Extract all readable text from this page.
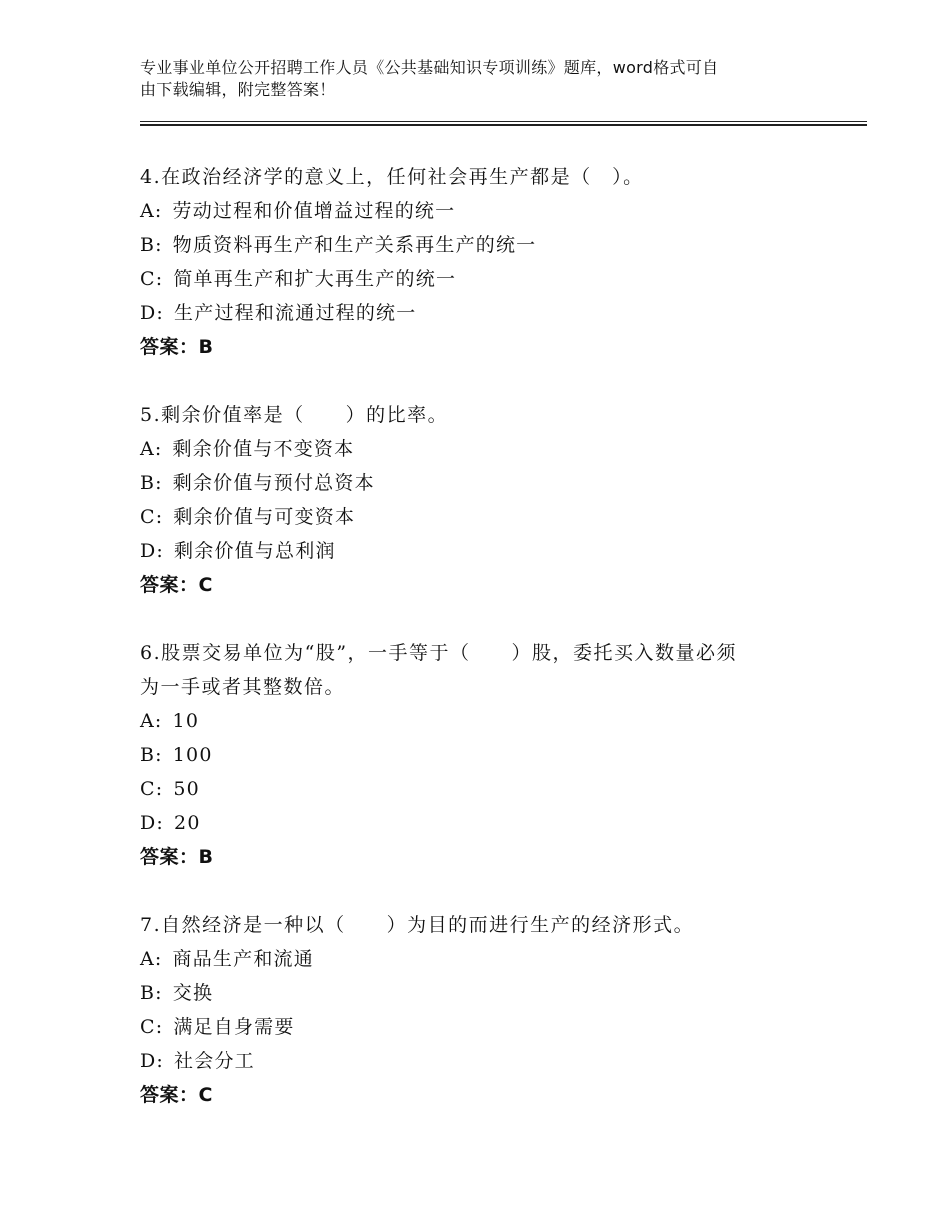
专业事业单位公开招聘工作人员《公共基础知识专项训练》题库，word格式可自
由下载编辑，附完整答案！
4.在政治经济学的意义上，任何社会再生产都是（　）。
A: 劳动过程和价值增益过程的统一
B: 物质资料再生产和生产关系再生产的统一
C: 简单再生产和扩大再生产的统一
D: 生产过程和流通过程的统一
答案：B
5.剩余价值率是（　　）的比率。
A: 剩余价值与不变资本
B: 剩余价值与预付总资本
C: 剩余价值与可变资本
D: 剩余价值与总利润
答案：C
6.股票交易单位为“股”，一手等于（　　）股，委托买入数量必须
为一手或者其整数倍。
A: 10
B: 100
C: 50
D: 20
答案：B
7.自然经济是一种以（　　）为目的而进行生产的经济形式。
A: 商品生产和流通
B: 交换
C: 满足自身需要
D: 社会分工
答案：C
